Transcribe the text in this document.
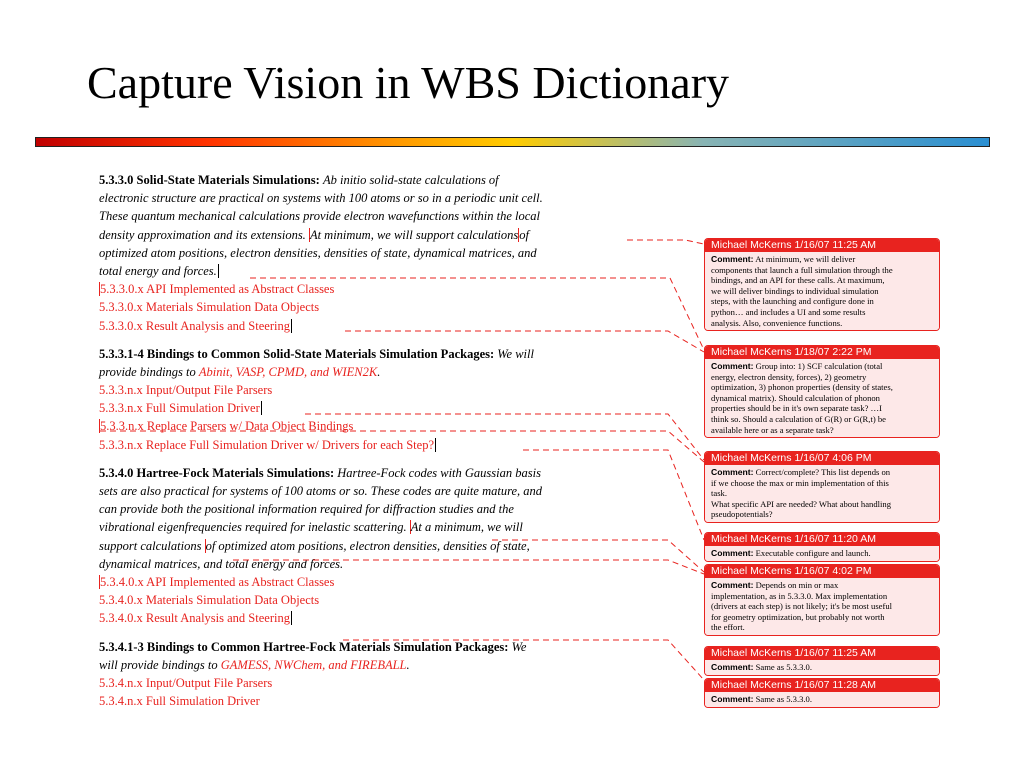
Capture Vision in WBS Dictionary
5.3.3.0 Solid-State Materials Simulations: Ab initio solid-state calculations of
electronic structure are practical on systems with 100 atoms or so in a periodic unit cell.
These quantum mechanical calculations provide electron wavefunctions within the local
density approximation and its extensions. At minimum, we will support calculationsof
optimized atom positions, electron densities, densities of state, dynamical matrices, and
total energy and forces.
5.3.3.0.x API Implemented as Abstract Classes
5.3.3.0.x Materials Simulation Data Objects
5.3.3.0.x Result Analysis and Steering
5.3.3.1-4 Bindings to Common Solid-State Materials Simulation Packages: We will
provide bindings to Abinit, VASP, CPMD, and WIEN2K.
5.3.3.n.x Input/Output File Parsers
5.3.3.n.x Full Simulation Driver
5.3.3.n.x Replace Parsers w/ Data Object Bindings
5.3.3.n.x Replace Full Simulation Driver w/ Drivers for each Step?
5.3.4.0 Hartree-Fock Materials Simulations: Hartree-Fock codes with Gaussian basis
sets are also practical for systems of 100 atoms or so. These codes are quite mature, and
can provide both the positional information required for diffraction studies and the
vibrational eigenfrequencies required for inelastic scattering. At a minimum, we will
support calculations of optimized atom positions, electron densities, densities of state,
dynamical matrices, and total energy and forces.
5.3.4.0.x API Implemented as Abstract Classes
5.3.4.0.x Materials Simulation Data Objects
5.3.4.0.x Result Analysis and Steering
5.3.4.1-3 Bindings to Common Hartree-Fock Materials Simulation Packages: We
will provide bindings to GAMESS, NWChem, and FIREBALL.
5.3.4.n.x Input/Output File Parsers
5.3.4.n.x Full Simulation Driver
Michael McKerns 1/16/07 11:25 AM
Comment: At minimum, we will deliver
components that launch a full simulation through the
bindings, and an API for these calls. At maximum,
we will deliver bindings to individual simulation
steps, with the launching and configure done in
python… and includes a UI and some results
analysis. Also, convenience functions.
Michael McKerns 1/18/07 2:22 PM
Comment: Group into: 1) SCF calculation (total
energy, electron density, forces), 2) geometry
optimization, 3) phonon properties (density of states,
dynamical matrix). Should calculation of phonon
properties should be in it's own separate task? …I
think so. Should a calculation of G(R) or G(R,t) be
available here or as a separate task?
Michael McKerns 1/16/07 4:06 PM
Comment: Correct/complete? This list depends on
if we choose the max or min implementation of this
task.
What specific API are needed? What about handling
pseudopotentials?
Michael McKerns 1/16/07 11:20 AM
Comment: Executable configure and launch.
Michael McKerns 1/16/07 4:02 PM
Comment: Depends on min or max
implementation, as in 5.3.3.0. Max implementation
(drivers at each step) is not likely; it's be most useful
for geometry optimization, but probably not worth
the effort.
Michael McKerns 1/16/07 11:25 AM
Comment: Same as 5.3.3.0.
Michael McKerns 1/16/07 11:28 AM
Comment: Same as 5.3.3.0.
